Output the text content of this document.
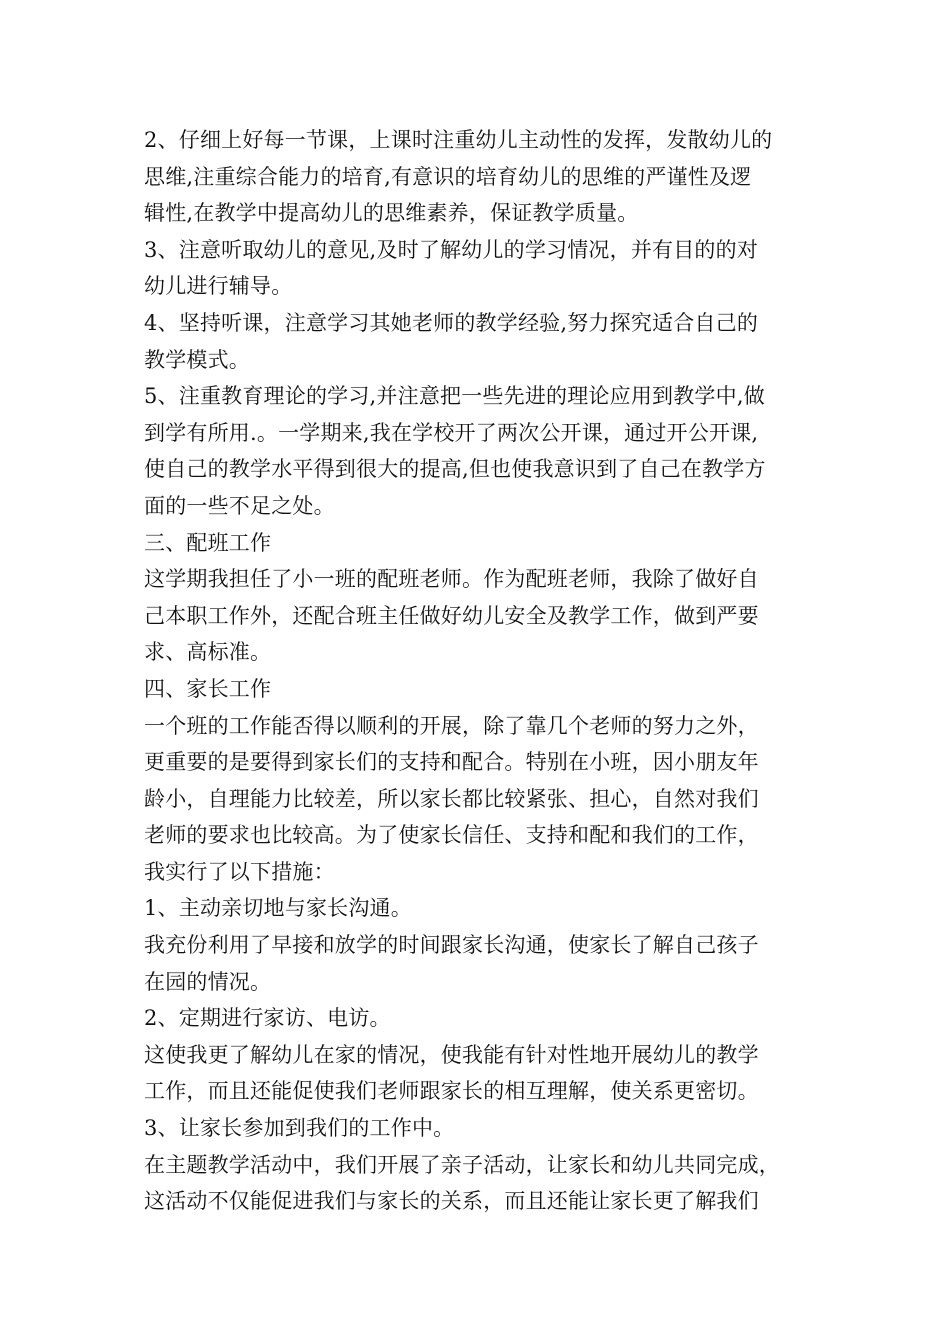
2、仔细上好每一节课，上课时注重幼儿主动性的发挥，发散幼儿的
思维,注重综合能力的培育,有意识的培育幼儿的思维的严谨性及逻
辑性,在教学中提高幼儿的思维素养，保证教学质量。
3、注意听取幼儿的意见,及时了解幼儿的学习情况，并有目的的对
幼儿进行辅导。
4、坚持听课，注意学习其她老师的教学经验,努力探究适合自己的
教学模式。
5、注重教育理论的学习,并注意把一些先进的理论应用到教学中,做
到学有所用.。一学期来,我在学校开了两次公开课，通过开公开课,
使自己的教学水平得到很大的提高,但也使我意识到了自己在教学方
面的一些不足之处。
三、配班工作
这学期我担任了小一班的配班老师。作为配班老师，我除了做好自
己本职工作外，还配合班主任做好幼儿安全及教学工作，做到严要
求、高标准。
四、家长工作
一个班的工作能否得以顺利的开展，除了靠几个老师的努力之外，
更重要的是要得到家长们的支持和配合。特别在小班，因小朋友年
龄小，自理能力比较差，所以家长都比较紧张、担心，自然对我们
老师的要求也比较高。为了使家长信任、支持和配和我们的工作，
我实行了以下措施：
1、主动亲切地与家长沟通。
我充份利用了早接和放学的时间跟家长沟通，使家长了解自己孩子
在园的情况。
2、定期进行家访、电访。
这使我更了解幼儿在家的情况，使我能有针对性地开展幼儿的教学
工作，而且还能促使我们老师跟家长的相互理解，使关系更密切。
3、让家长参加到我们的工作中。
在主题教学活动中，我们开展了亲子活动，让家长和幼儿共同完成，
这活动不仅能促进我们与家长的关系，而且还能让家长更了解我们
